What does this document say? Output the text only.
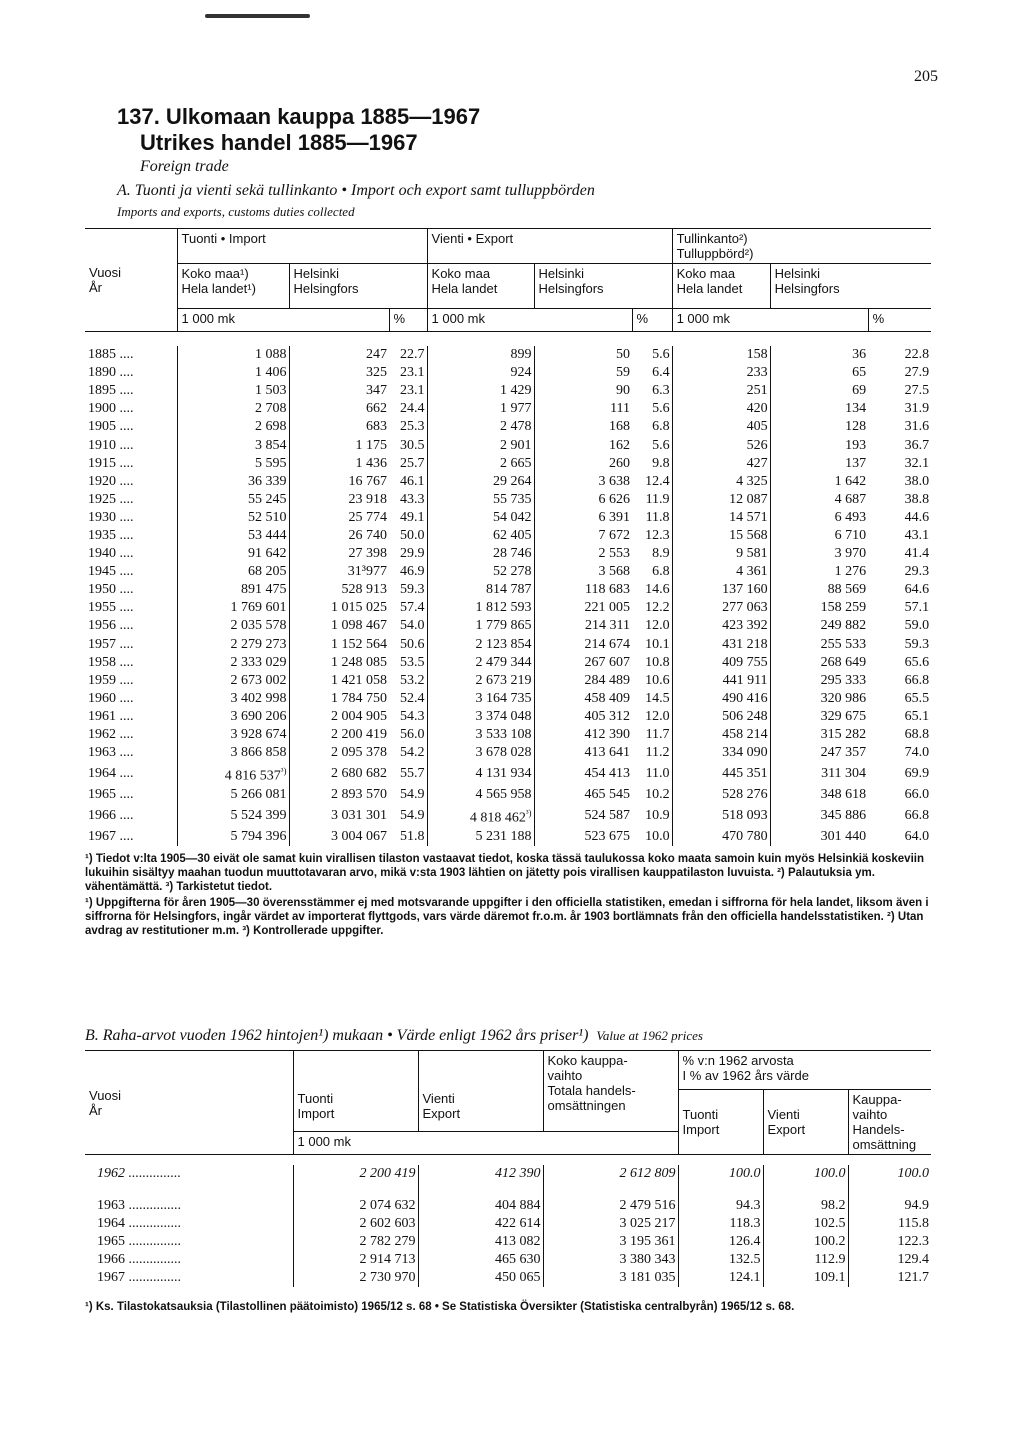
205
137. Ulkomaan kauppa 1885—1967
Utrikes handel 1885—1967
Foreign trade
A. Tuonti ja vienti sekä tullinkanto • Import och export samt tulluppbörden
Imports and exports, customs duties collected
Vuosi
År	Tuonti • Import			Vienti • Export			Tullinkanto²)
Tulluppbörd²)		
	Koko maa¹)
Hela landet¹)	Helsinki
Helsingfors		Koko maa
Hela landet	Helsinki
Helsingfors		Koko maa
Hela landet	Helsinki
Helsingfors	
	1 000 mk		%	1 000 mk		%	1 000 mk		%

1885 ....	1 088	247	22.7	899	50	5.6	158	36	22.8
1890 ....	1 406	325	23.1	924	59	6.4	233	65	27.9
1895 ....	1 503	347	23.1	1 429	90	6.3	251	69	27.5
1900 ....	2 708	662	24.4	1 977	111	5.6	420	134	31.9
1905 ....	2 698	683	25.3	2 478	168	6.8	405	128	31.6
1910 ....	3 854	1 175	30.5	2 901	162	5.6	526	193	36.7
1915 ....	5 595	1 436	25.7	2 665	260	9.8	427	137	32.1
1920 ....	36 339	16 767	46.1	29 264	3 638	12.4	4 325	1 642	38.0
1925 ....	55 245	23 918	43.3	55 735	6 626	11.9	12 087	4 687	38.8
1930 ....	52 510	25 774	49.1	54 042	6 391	11.8	14 571	6 493	44.6
1935 ....	53 444	26 740	50.0	62 405	7 672	12.3	15 568	6 710	43.1
1940 ....	91 642	27 398	29.9	28 746	2 553	8.9	9 581	3 970	41.4
1945 ....	68 205	31³977	46.9	52 278	3 568	6.8	4 361	1 276	29.3
1950 ....	891 475	528 913	59.3	814 787	118 683	14.6	137 160	88 569	64.6
1955 ....	1 769 601	1 015 025	57.4	1 812 593	221 005	12.2	277 063	158 259	57.1
1956 ....	2 035 578	1 098 467	54.0	1 779 865	214 311	12.0	423 392	249 882	59.0
1957 ....	2 279 273	1 152 564	50.6	2 123 854	214 674	10.1	431 218	255 533	59.3
1958 ....	2 333 029	1 248 085	53.5	2 479 344	267 607	10.8	409 755	268 649	65.6
1959 ....	2 673 002	1 421 058	53.2	2 673 219	284 489	10.6	441 911	295 333	66.8
1960 ....	3 402 998	1 784 750	52.4	3 164 735	458 409	14.5	490 416	320 986	65.5
1961 ....	3 690 206	2 004 905	54.3	3 374 048	405 312	12.0	506 248	329 675	65.1
1962 ....	3 928 674	2 200 419	56.0	3 533 108	412 390	11.7	458 214	315 282	68.8
1963 ....	3 866 858	2 095 378	54.2	3 678 028	413 641	11.2	334 090	247 357	74.0
1964 ....	4 816 $537^{^3)}$	2 680 682	55.7	4 131 934	454 413	11.0	445 351	311 304	69.9
1965 ....	5 266 081	2 893 570	54.9	4 565 958	465 545	10.2	528 276	348 618	66.0
1966 ....	5 524 399	3 031 301	54.9	4 818 $462^{^3)}$	524 587	10.9	518 093	345 886	66.8
1967 ....	5 794 396	3 004 067	51.8	5 231 188	523 675	10.0	470 780	301 440	64.0
¹) Tiedot v:lta 1905—30 eivät ole samat kuin virallisen tilaston vastaavat tiedot, koska tässä taulukossa koko maata samoin kuin myös Helsinkiä koskeviin lukuihin sisältyy maahan tuodun muuttotavaran arvo, mikä v:sta 1903 lähtien on jätetty pois virallisen kauppatilaston luvuista. ²) Palautuksia ym. vähentämättä. ³) Tarkistetut tiedot.
¹) Uppgifterna för åren 1905—30 överensstämmer ej med motsvarande uppgifter i den officiella statistiken, emedan i siffrorna för hela landet, liksom även i siffrorna för Helsingfors, ingår värdet av importerat flyttgods, vars värde däremot fr.o.m. år 1903 bortlämnats från den officiella handelsstatistiken. ²) Utan avdrag av restitutioner m.m. ³) Kontrollerade uppgifter.
B. Raha-arvot vuoden 1962 hintojen¹) mukaan • Värde enligt 1962 års priser¹) Value at 1962 prices
Vuosi
År	Tuonti
Import	Vienti
Export	Koko kauppa-
vaihto
Totala handels-
omsättningen	% v:n 1962 arvosta
I % av 1962 års värde		
				Tuonti
Import	Vienti
Export	Kauppa-
vaihto
Handels-
omsättning
	1 000 mk					

1962 ...............	2 200 419	412 390	2 612 809	100.0	100.0	100.0
1963 ...............	2 074 632	404 884	2 479 516	94.3	98.2	94.9
1964 ...............	2 602 603	422 614	3 025 217	118.3	102.5	115.8
1965 ...............	2 782 279	413 082	3 195 361	126.4	100.2	122.3
1966 ...............	2 914 713	465 630	3 380 343	132.5	112.9	129.4
1967 ...............	2 730 970	450 065	3 181 035	124.1	109.1	121.7
¹) Ks. Tilastokatsauksia (Tilastollinen päätoimisto) 1965/12 s. 68 • Se Statistiska Översikter (Statistiska centralbyrån) 1965/12 s. 68.
